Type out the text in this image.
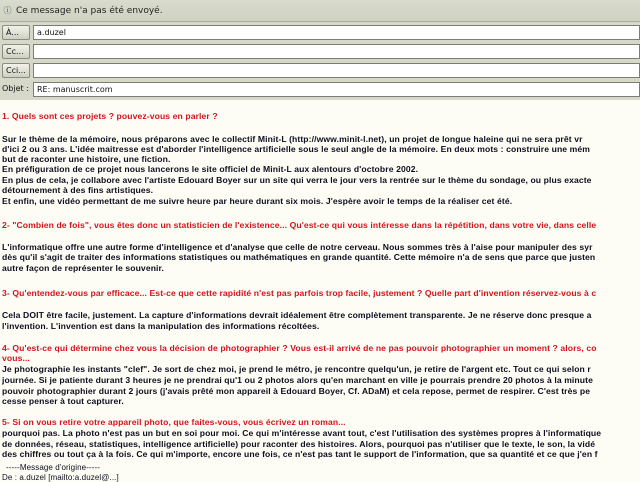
ⓘ Ce message n'a pas été envoyé.
À...	a.duzel
Cc...
Cci...
Objet :	RE: manuscrit.com
1. Quels sont ces projets ? pouvez-vous en parler ?
Sur le thème de la mémoire, nous préparons avec le collectif Minit-L (http://www.minit-l.net), un projet de longue haleine qui ne sera prêt vr
d'ici 2 ou 3 ans. L'idée maitresse est d'aborder l'intelligence artificielle sous le seul angle de la mémoire. En deux mots : construire une mém
but de raconter une histoire, une fiction.
En préfiguration de ce projet nous lancerons le site officiel de Minit-L aux alentours d'octobre 2002.
En plus de cela, je collabore avec l'artiste Edouard Boyer sur un site qui verra le jour vers la rentrée sur le thème du sondage, ou plus exacte
détournement à des fins artistiques.
Et enfin, une vidéo permettant de me suivre heure par heure durant six mois. J'espère avoir le temps de la réaliser cet été.
2- "Combien de fois", vous êtes donc un statisticien de l'existence... Qu'est-ce qui vous intéresse dans la répétition, dans votre vie, dans celle
L'informatique offre une autre forme d'intelligence et d'analyse que celle de notre cerveau. Nous sommes très à l'aise pour manipuler des syr
dès qu'il s'agit de traiter des informations statistiques ou mathématiques en grande quantité. Cette mémoire n'a de sens que parce que justen
autre façon de représenter le souvenir.
3- Qu'entendez-vous par efficace... Est-ce que cette rapidité n'est pas parfois trop facile, justement ? Quelle part d'invention réservez-vous à c
Cela DOIT être facile, justement. La capture d'informations devrait idéalement être complètement transparente. Je ne réserve donc presque a
l'invention. L'invention est dans la manipulation des informations récoltées.
4- Qu'est-ce qui détermine chez vous la décision de photographier ? Vous est-il arrivé de ne pas pouvoir photographier un moment ? alors, co
vous...
Je photographie les instants "clef". Je sort de chez moi, je prend le métro, je rencontre quelqu'un, je retire de l'argent etc. Tout ce qui selon r
journée. Si je patiente durant 3 heures je ne prendrai qu'1 ou 2 photos alors qu'en marchant en ville je pourrais prendre 20 photos à la minute
pouvoir photographier durant 2 jours (j'avais prêté mon appareil à Edouard Boyer, Cf. ADaM) et cela repose, permet de respirer. C'est très pe
cesse penser à tout capturer.
5- Si on vous retire votre appareil photo, que faites-vous, vous écrivez un roman...
pourquoi pas. La photo n'est pas un but en soi pour moi. Ce qui m'intéresse avant tout, c'est l'utilisation des systèmes propres à l'informatique
de données, réseau, statistiques, intelligence artificielle) pour raconter des histoires. Alors, pourquoi pas n'utiliser que le texte, le son, la vidé
des chiffres ou tout ça à la fois. Ce qui m'importe, encore une fois, ce n'est pas tant le support de l'information, que sa quantité et ce que j'en f
-----Message d'origine-----
De : a.duzel [mailto:a.duzel@...]
